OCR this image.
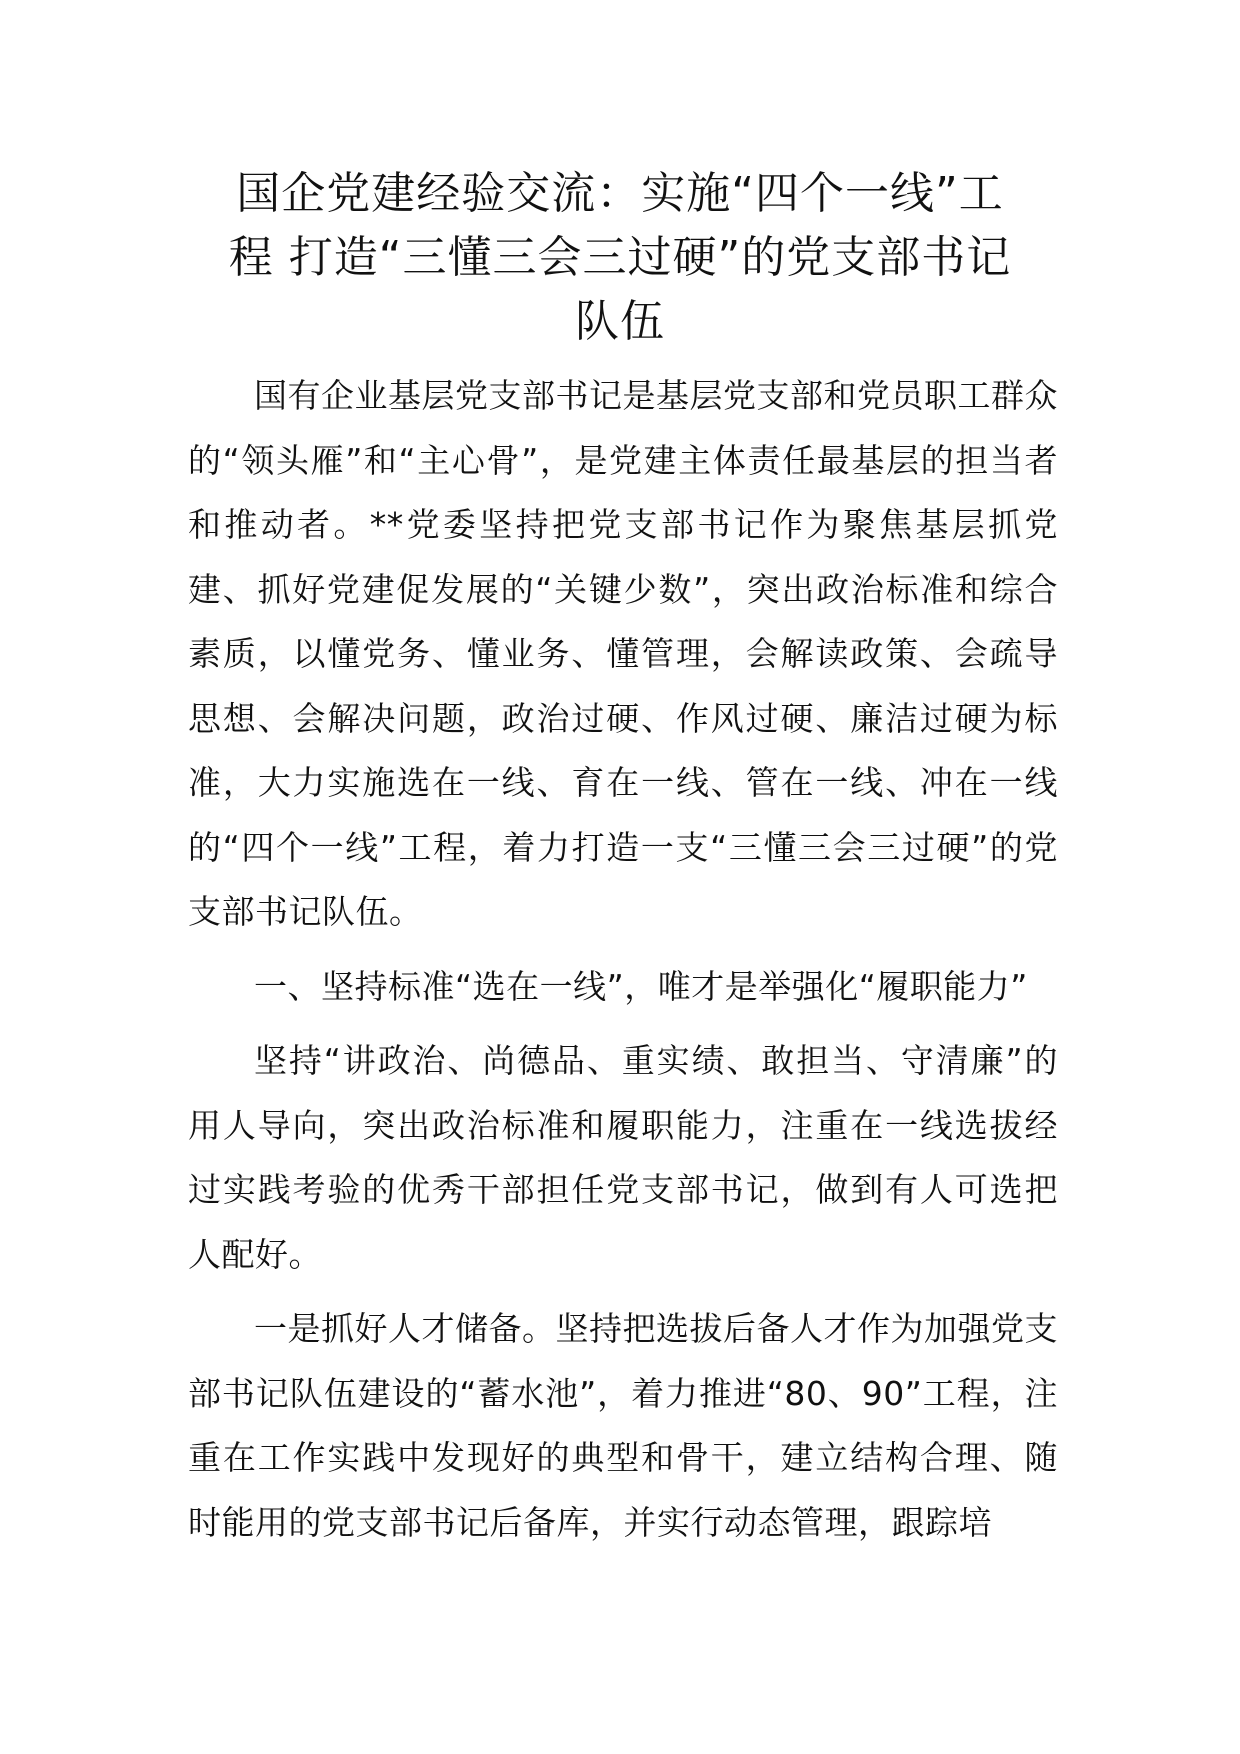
国企党建经验交流：实施“四个一线”工
程 打造“三懂三会三过硬”的党支部书记
队伍

国有企业基层党支部书记是基层党支部和党员职工群众的“领头雁”和“主心骨”，是党建主体责任最基层的担当者和推动者。**党委坚持把党支部书记作为聚焦基层抓党建、抓好党建促发展的“关键少数”，突出政治标准和综合素质，以懂党务、懂业务、懂管理，会解读政策、会疏导思想、会解决问题，政治过硬、作风过硬、廉洁过硬为标准，大力实施选在一线、育在一线、管在一线、冲在一线的“四个一线”工程，着力打造一支“三懂三会三过硬”的党支部书记队伍。

一、坚持标准“选在一线”，唯才是举强化“履职能力”

坚持“讲政治、尚德品、重实绩、敢担当、守清廉”的用人导向，突出政治标准和履职能力，注重在一线选拔经过实践考验的优秀干部担任党支部书记，做到有人可选把人配好。

一是抓好人才储备。坚持把选拔后备人才作为加强党支部书记队伍建设的“蓄水池”，着力推进“80、90”工程，注重在工作实践中发现好的典型和骨干，建立结构合理、随时能用的党支部书记后备库，并实行动态管理，跟踪培
